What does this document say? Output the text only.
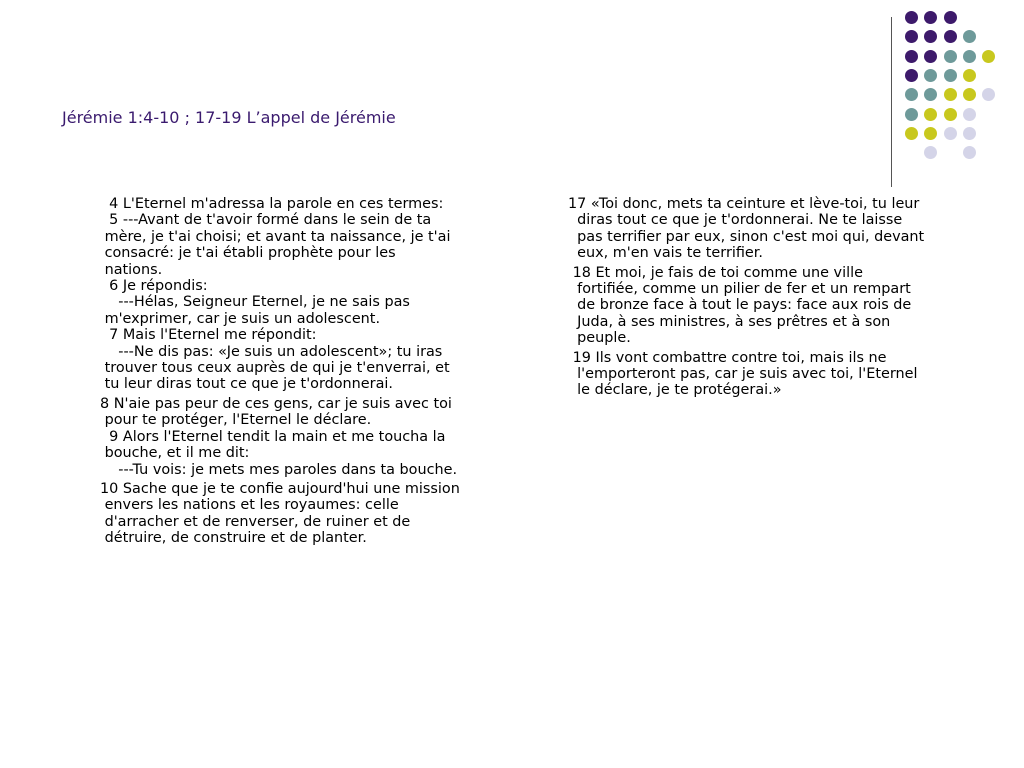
Jérémie 1:4-10 ; 17-19 L’appel de Jérémie
4 L'Eternel m'adressa la parole en ces termes:
5 ---Avant de t'avoir formé dans le sein de ta
mère, je t'ai choisi; et avant ta naissance, je t'ai
consacré: je t'ai établi prophète pour les
nations.
6 Je répondis:
---Hélas, Seigneur Eternel, je ne sais pas
m'exprimer, car je suis un adolescent.
7 Mais l'Eternel me répondit:
---Ne dis pas: «Je suis un adolescent»; tu iras
trouver tous ceux auprès de qui je t'enverrai, et
tu leur diras tout ce que je t'ordonnerai.
8 N'aie pas peur de ces gens, car je suis avec toi
pour te protéger, l'Eternel le déclare.
9 Alors l'Eternel tendit la main et me toucha la
bouche, et il me dit:
---Tu vois: je mets mes paroles dans ta bouche.
10 Sache que je te confie aujourd'hui une mission
envers les nations et les royaumes: celle
d'arracher et de renverser, de ruiner et de
détruire, de construire et de planter.
17 «Toi donc, mets ta ceinture et lève-toi, tu leur
diras tout ce que je t'ordonnerai. Ne te laisse
pas terrifier par eux, sinon c'est moi qui, devant
eux, m'en vais te terrifier.
18 Et moi, je fais de toi comme une ville
fortifiée, comme un pilier de fer et un rempart
de bronze face à tout le pays: face aux rois de
Juda, à ses ministres, à ses prêtres et à son
peuple.
19 Ils vont combattre contre toi, mais ils ne
l'emporteront pas, car je suis avec toi, l'Eternel
le déclare, je te protégerai.»
